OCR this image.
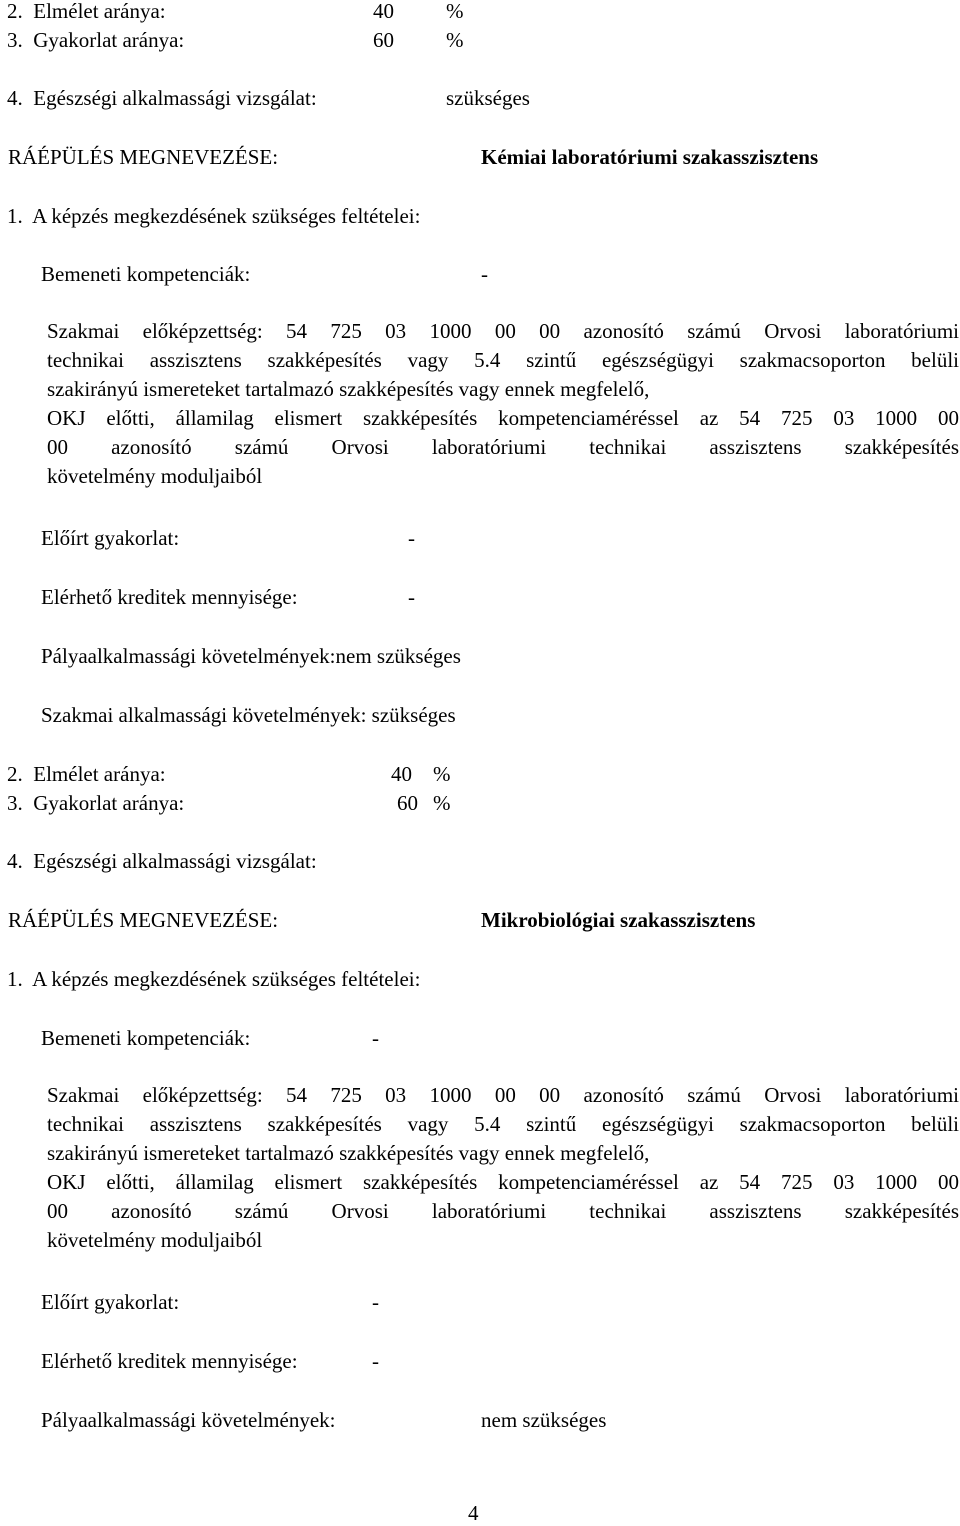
2.  Elmélet aránya:	40 %
3.  Gyakorlat aránya:	60 %
4.  Egészségi alkalmassági vizsgálat:	szükséges
RÁÉPÜLÉS MEGNEVEZÉSE:	Kémiai laboratóriumi szakasszisztens
1.  A képzés megkezdésének szükséges feltételei:
Bemeneti kompetenciák:	-
Szakmai előképzettség: 54 725 03 1000 00 00 azonosító számú Orvosi laboratóriumi
technikai asszisztens szakképesítés vagy 5.4 szintű egészségügyi szakmacsoporton belüli
szakirányú ismereteket tartalmazó szakképesítés vagy ennek megfelelő,
OKJ előtti, államilag elismert szakképesítés kompetenciaméréssel az 54 725 03 1000 00
00 azonosító számú Orvosi laboratóriumi technikai asszisztens szakképesítés
követelmény moduljaiból
Előírt gyakorlat:	-
Elérhető kreditek mennyisége:	-
Pályaalkalmassági követelmények:nem szükséges
Szakmai alkalmassági követelmények: szükséges
2.  Elmélet aránya:	40 %
3.  Gyakorlat aránya:	60 %
4.  Egészségi alkalmassági vizsgálat:
RÁÉPÜLÉS MEGNEVEZÉSE:	Mikrobiológiai szakasszisztens
1.  A képzés megkezdésének szükséges feltételei:
Bemeneti kompetenciák:	-
Szakmai előképzettség: 54 725 03 1000 00 00 azonosító számú Orvosi laboratóriumi
technikai asszisztens szakképesítés vagy 5.4 szintű egészségügyi szakmacsoporton belüli
szakirányú ismereteket tartalmazó szakképesítés vagy ennek megfelelő,
OKJ előtti, államilag elismert szakképesítés kompetenciaméréssel az 54 725 03 1000 00
00 azonosító számú Orvosi laboratóriumi technikai asszisztens szakképesítés
követelmény moduljaiból
Előírt gyakorlat:	-
Elérhető kreditek mennyisége:	-
Pályaalkalmassági követelmények:	nem szükséges
4
